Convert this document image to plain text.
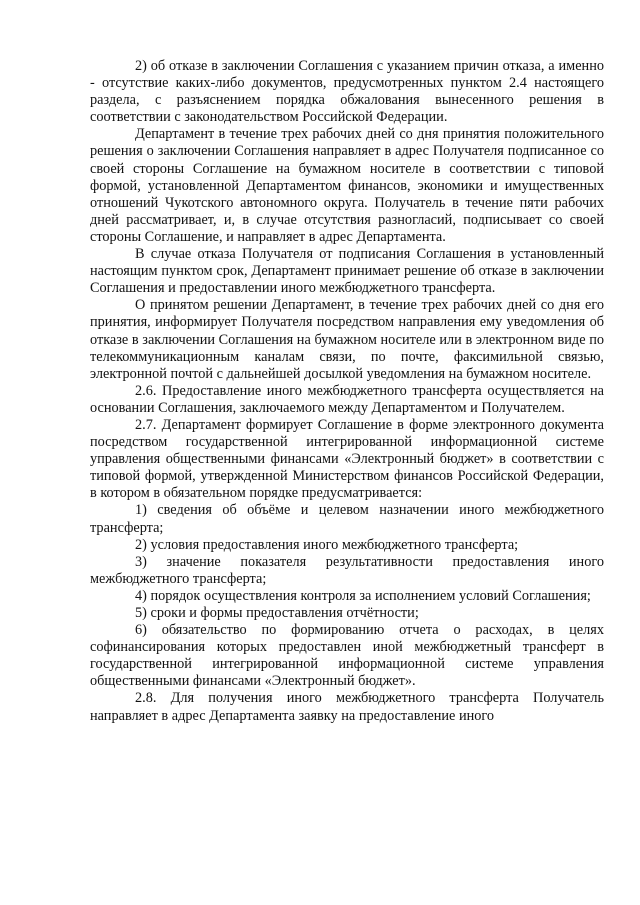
2) об отказе в заключении Соглашения с указанием причин отказа, а именно - отсутствие каких-либо документов, предусмотренных пунктом 2.4 настоящего раздела, с разъяснением порядка обжалования вынесенного решения в соответствии с законодательством Российской Федерации.

Департамент в течение трех рабочих дней со дня принятия положительного решения о заключении Соглашения направляет в адрес Получателя подписанное со своей стороны Соглашение на бумажном носителе в соответствии с типовой формой, установленной Департаментом финансов, экономики и имущественных отношений Чукотского автономного округа. Получатель в течение пяти рабочих дней рассматривает, и, в случае отсутствия разногласий, подписывает со своей стороны Соглашение, и направляет в адрес Департамента.

В случае отказа Получателя от подписания Соглашения в установленный настоящим пунктом срок, Департамент принимает решение об отказе в заключении Соглашения и предоставлении иного межбюджетного трансферта.

О принятом решении Департамент, в течение трех рабочих дней со дня его принятия, информирует Получателя посредством направления ему уведомления об отказе в заключении Соглашения на бумажном носителе или в электронном виде по телекоммуникационным каналам связи, по почте, факсимильной связью, электронной почтой с дальнейшей досылкой уведомления на бумажном носителе.

2.6. Предоставление иного межбюджетного трансферта осуществляется на основании Соглашения, заключаемого между Департаментом и Получателем.

2.7. Департамент формирует Соглашение в форме электронного документа посредством государственной интегрированной информационной системе управления общественными финансами «Электронный бюджет» в соответствии с типовой формой, утвержденной Министерством финансов Российской Федерации, в котором в обязательном порядке предусматривается:

1) сведения об объёме и целевом назначении иного межбюджетного трансферта;

2) условия предоставления иного межбюджетного трансферта;

3) значение показателя результативности предоставления иного межбюджетного трансферта;

4) порядок осуществления контроля за исполнением условий Соглашения;

5) сроки и формы предоставления отчётности;

6) обязательство по формированию отчета о расходах, в целях софинансирования которых предоставлен иной межбюджетный трансферт в государственной интегрированной информационной системе управления общественными финансами «Электронный бюджет».

2.8. Для получения иного межбюджетного трансферта Получатель направляет в адрес Департамента заявку на предоставление иного
